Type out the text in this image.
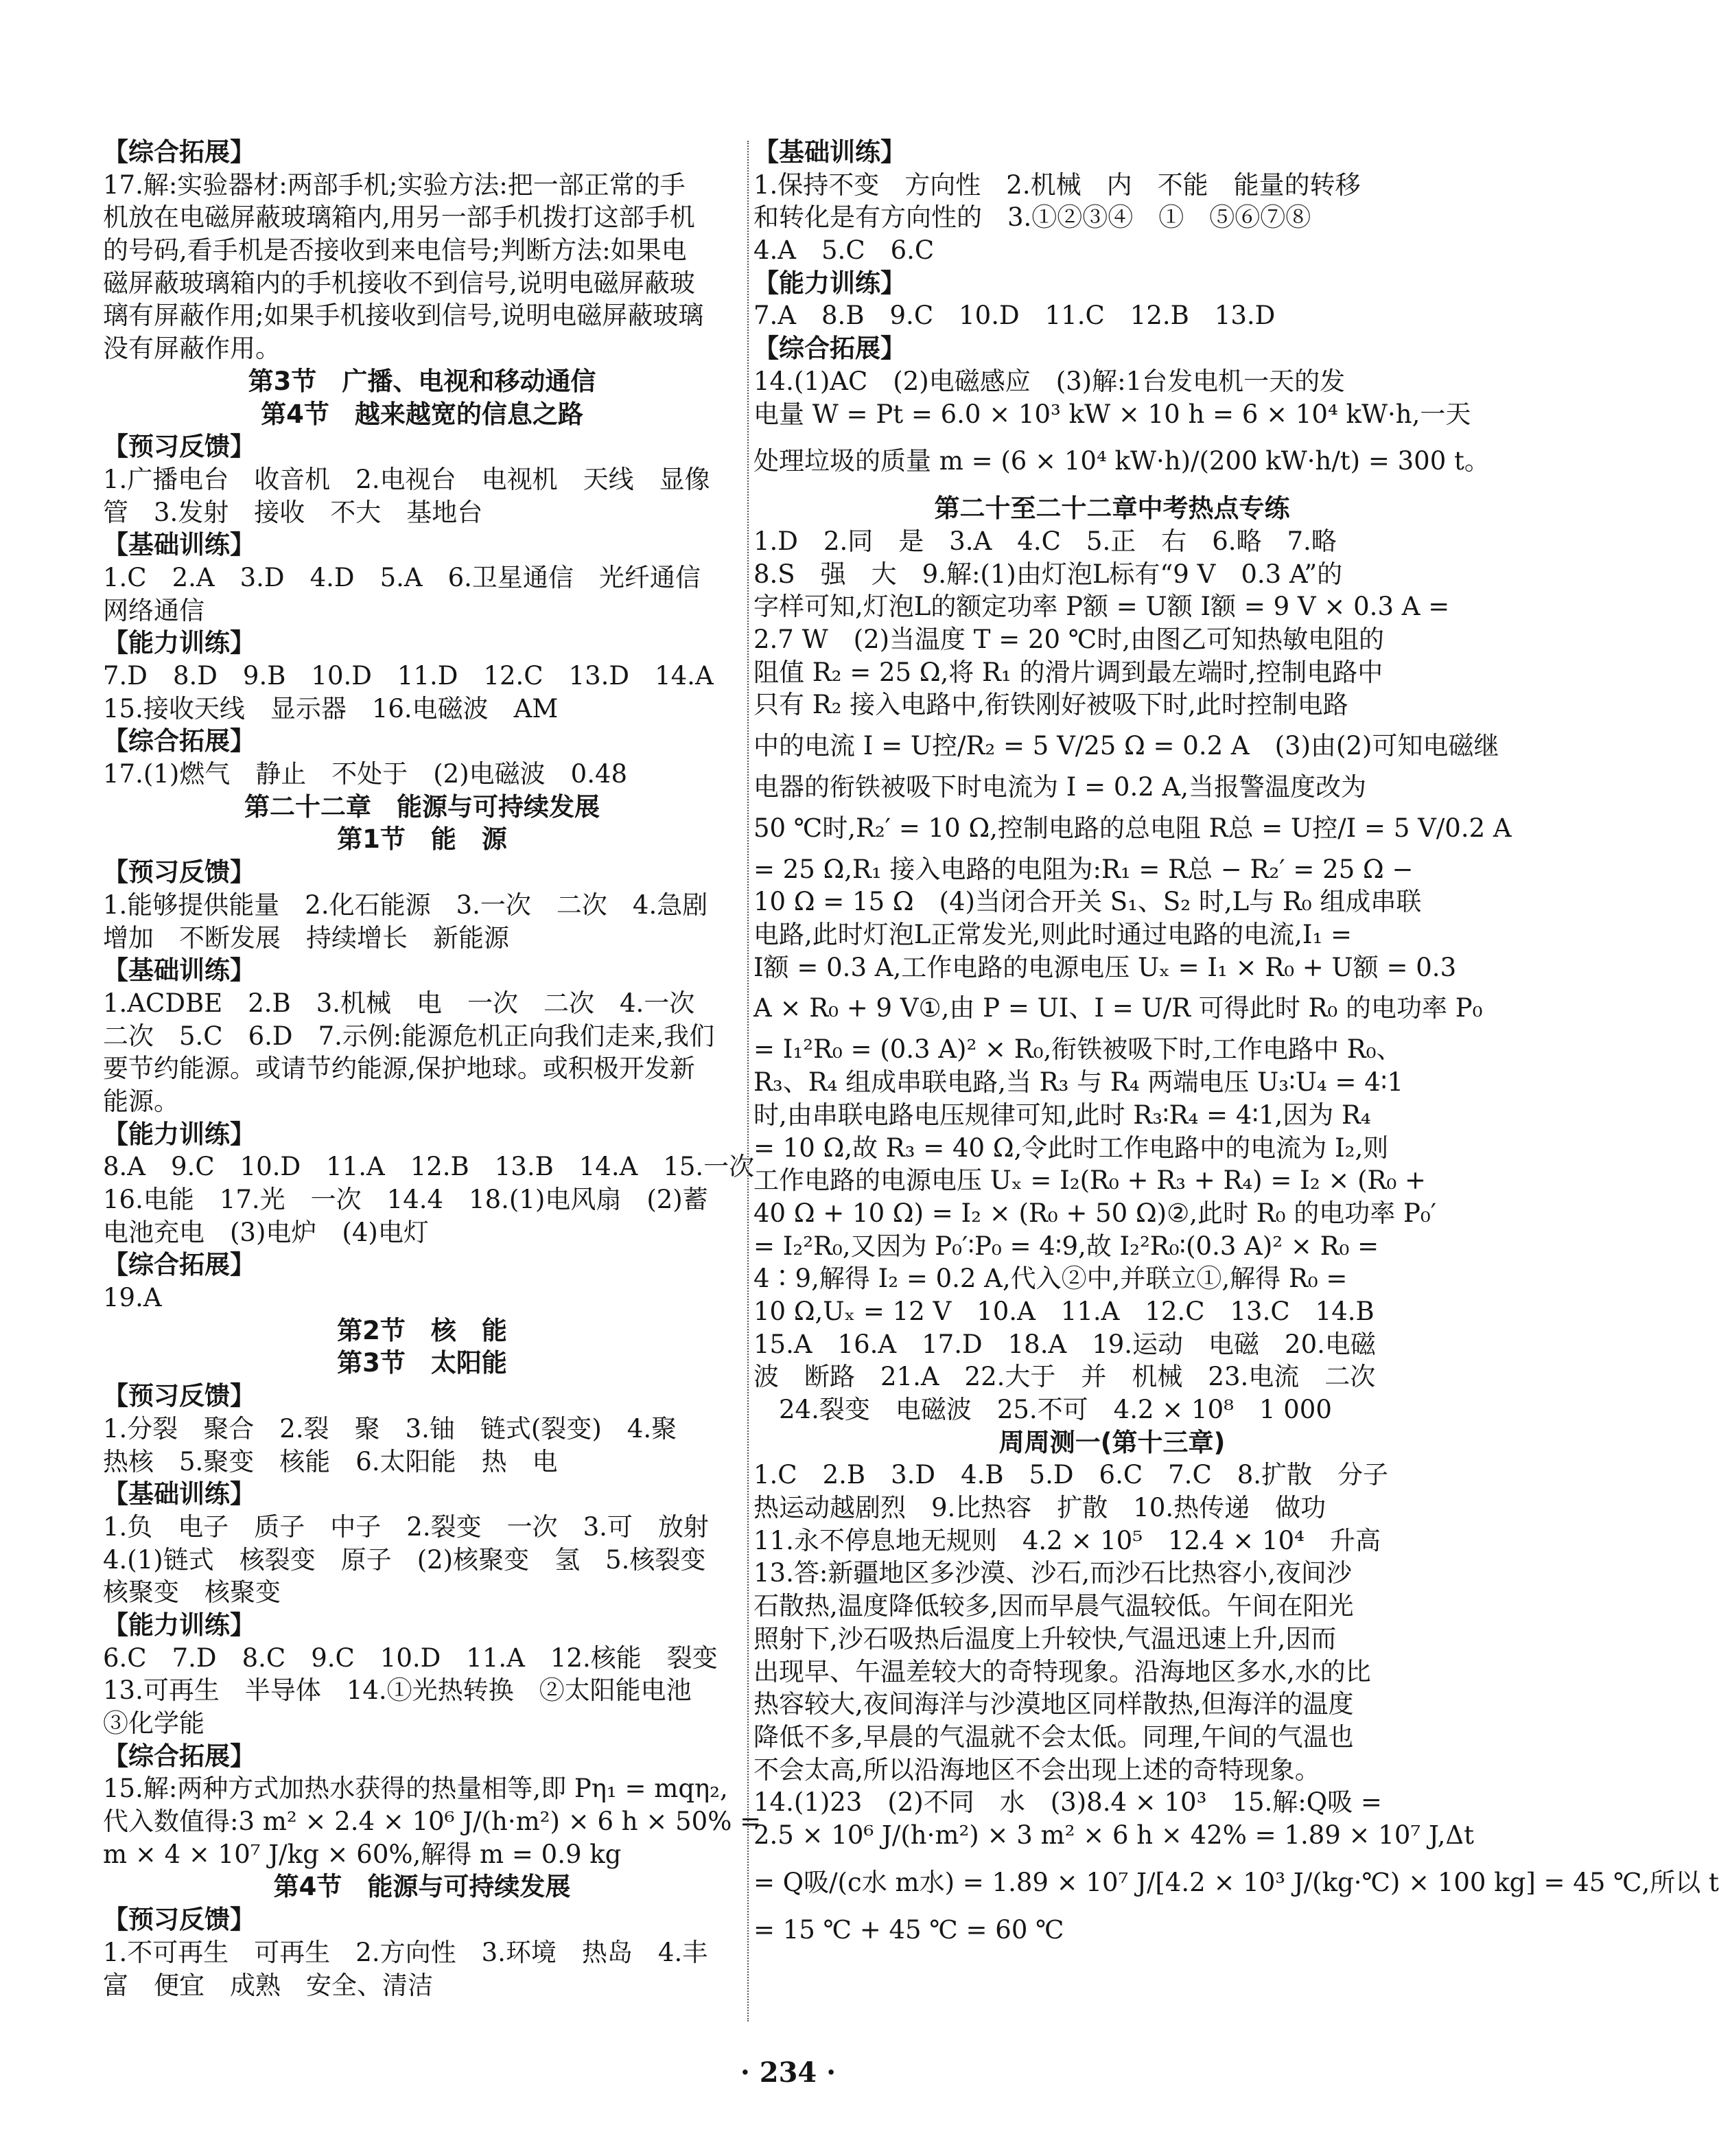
【综合拓展】
17.解:实验器材:两部手机;实验方法:把一部正常的手
机放在电磁屏蔽玻璃箱内,用另一部手机拨打这部手机
的号码,看手机是否接收到来电信号;判断方法:如果电
磁屏蔽玻璃箱内的手机接收不到信号,说明电磁屏蔽玻
璃有屏蔽作用;如果手机接收到信号,说明电磁屏蔽玻璃
没有屏蔽作用。
第3节　广播、电视和移动通信
第4节　越来越宽的信息之路
【预习反馈】
1.广播电台　收音机　2.电视台　电视机　天线　显像
管　3.发射　接收　不大　基地台
【基础训练】
1.C　2.A　3.D　4.D　5.A　6.卫星通信　光纤通信
网络通信
【能力训练】
7.D　8.D　9.B　10.D　11.D　12.C　13.D　14.A
15.接收天线　显示器　16.电磁波　AM
【综合拓展】
17.(1)燃气　静止　不处于　(2)电磁波　0.48
第二十二章　能源与可持续发展
第1节　能　源
【预习反馈】
1.能够提供能量　2.化石能源　3.一次　二次　4.急剧
增加　不断发展　持续增长　新能源
【基础训练】
1.ACDBE　2.B　3.机械　电　一次　二次　4.一次
二次　5.C　6.D　7.示例:能源危机正向我们走来,我们
要节约能源。或请节约能源,保护地球。或积极开发新
能源。
【能力训练】
8.A　9.C　10.D　11.A　12.B　13.B　14.A　15.一次
16.电能　17.光　一次　14.4　18.(1)电风扇　(2)蓄
电池充电　(3)电炉　(4)电灯
【综合拓展】
19.A
第2节　核　能
第3节　太阳能
【预习反馈】
1.分裂　聚合　2.裂　聚　3.铀　链式(裂变)　4.聚
热核　5.聚变　核能　6.太阳能　热　电
【基础训练】
1.负　电子　质子　中子　2.裂变　一次　3.可　放射
4.(1)链式　核裂变　原子　(2)核聚变　氢　5.核裂变
核聚变　核聚变
【能力训练】
6.C　7.D　8.C　9.C　10.D　11.A　12.核能　裂变
13.可再生　半导体　14.①光热转换　②太阳能电池
③化学能
【综合拓展】
15.解:两种方式加热水获得的热量相等,即 Pη₁ = mqη₂,
代入数值得:3 m² × 2.4 × 10⁶ J/(h·m²) × 6 h × 50% =
m × 4 × 10⁷ J/kg × 60%,解得 m = 0.9 kg
第4节　能源与可持续发展
【预习反馈】
1.不可再生　可再生　2.方向性　3.环境　热岛　4.丰
富　便宜　成熟　安全、清洁
【基础训练】
1.保持不变　方向性　2.机械　内　不能　能量的转移
和转化是有方向性的　3.①②③④　①　⑤⑥⑦⑧
4.A　5.C　6.C
【能力训练】
7.A　8.B　9.C　10.D　11.C　12.B　13.D
【综合拓展】
14.(1)AC　(2)电磁感应　(3)解:1台发电机一天的发
电量 W = Pt = 6.0 × 10³ kW × 10 h = 6 × 10⁴ kW·h,一天
处理垃圾的质量 m = (6 × 10⁴ kW·h)/(200 kW·h/t) = 300 t。
第二十至二十二章中考热点专练
1.D　2.同　是　3.A　4.C　5.正　右　6.略　7.略
8.S　强　大　9.解:(1)由灯泡L标有“9 V　0.3 A”的
字样可知,灯泡L的额定功率 P额 = U额 I额 = 9 V × 0.3 A =
2.7 W　(2)当温度 T = 20 ℃时,由图乙可知热敏电阻的
阻值 R₂ = 25 Ω,将 R₁ 的滑片调到最左端时,控制电路中
只有 R₂ 接入电路中,衔铁刚好被吸下时,此时控制电路
中的电流 I = U控/R₂ = 5 V/25 Ω = 0.2 A　(3)由(2)可知电磁继
电器的衔铁被吸下时电流为 I = 0.2 A,当报警温度改为
50 ℃时,R₂′ = 10 Ω,控制电路的总电阻 R总 = U控/I = 5 V/0.2 A
= 25 Ω,R₁ 接入电路的电阻为:R₁ = R总 − R₂′ = 25 Ω −
10 Ω = 15 Ω　(4)当闭合开关 S₁、S₂ 时,L与 R₀ 组成串联
电路,此时灯泡L正常发光,则此时通过电路的电流,I₁ =
I额 = 0.3 A,工作电路的电源电压 Uₓ = I₁ × R₀ + U额 = 0.3
A × R₀ + 9 V①,由 P = UI、I = U/R 可得此时 R₀ 的电功率 P₀
= I₁²R₀ = (0.3 A)² × R₀,衔铁被吸下时,工作电路中 R₀、
R₃、R₄ 组成串联电路,当 R₃ 与 R₄ 两端电压 U₃∶U₄ = 4∶1
时,由串联电路电压规律可知,此时 R₃∶R₄ = 4∶1,因为 R₄
= 10 Ω,故 R₃ = 40 Ω,令此时工作电路中的电流为 I₂,则
工作电路的电源电压 Uₓ = I₂(R₀ + R₃ + R₄) = I₂ × (R₀ +
40 Ω + 10 Ω) = I₂ × (R₀ + 50 Ω)②,此时 R₀ 的电功率 P₀′
= I₂²R₀,又因为 P₀′∶P₀ = 4∶9,故 I₂²R₀∶(0.3 A)² × R₀ =
4∶9,解得 I₂ = 0.2 A,代入②中,并联立①,解得 R₀ =
10 Ω,Uₓ = 12 V　10.A　11.A　12.C　13.C　14.B
15.A　16.A　17.D　18.A　19.运动　电磁　20.电磁
波　断路　21.A　22.大于　并　机械　23.电流　二次
　24.裂变　电磁波　25.不可　4.2 × 10⁸　1 000
周周测一(第十三章)
1.C　2.B　3.D　4.B　5.D　6.C　7.C　8.扩散　分子
热运动越剧烈　9.比热容　扩散　10.热传递　做功
11.永不停息地无规则　4.2 × 10⁵　12.4 × 10⁴　升高
13.答:新疆地区多沙漠、沙石,而沙石比热容小,夜间沙
石散热,温度降低较多,因而早晨气温较低。午间在阳光
照射下,沙石吸热后温度上升较快,气温迅速上升,因而
出现早、午温差较大的奇特现象。沿海地区多水,水的比
热容较大,夜间海洋与沙漠地区同样散热,但海洋的温度
降低不多,早晨的气温就不会太低。同理,午间的气温也
不会太高,所以沿海地区不会出现上述的奇特现象。
14.(1)23　(2)不同　水　(3)8.4 × 10³　15.解:Q吸 =
2.5 × 10⁶ J/(h·m²) × 3 m² × 6 h × 42% = 1.89 × 10⁷ J,Δt
= Q吸/(c水 m水) = 1.89 × 10⁷ J/[4.2 × 10³ J/(kg·℃) × 100 kg] = 45 ℃,所以 t
= 15 ℃ + 45 ℃ = 60 ℃
· 234 ·
